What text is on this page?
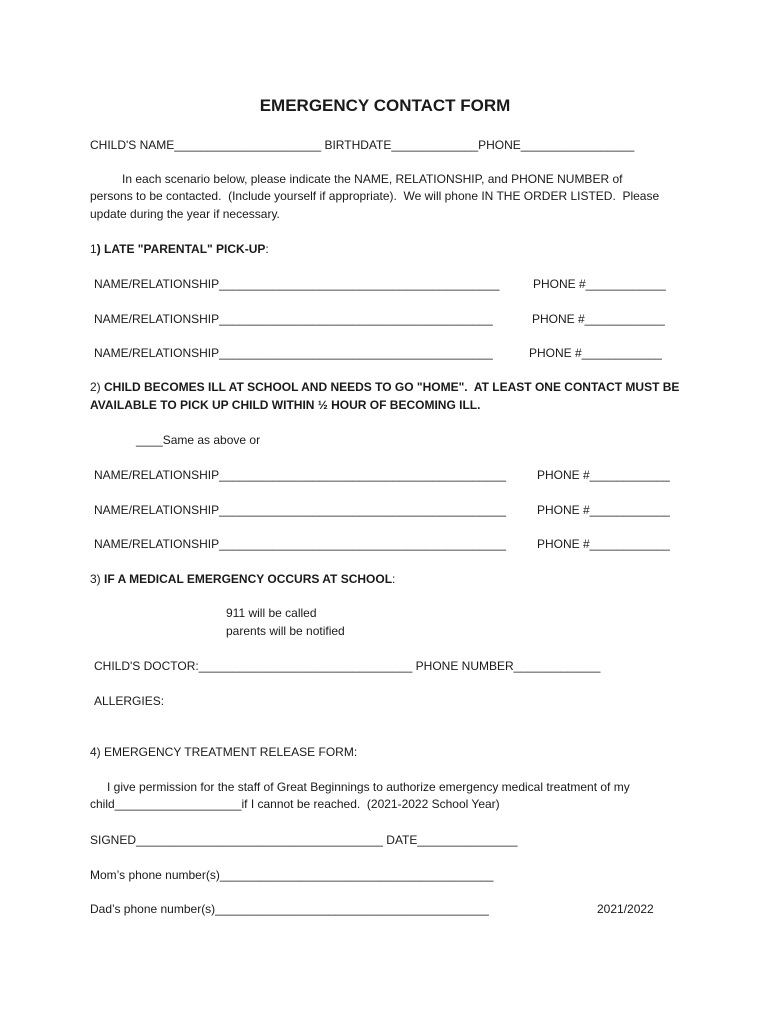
EMERGENCY CONTACT FORM
CHILD'S NAME______________________ BIRTHDATE_____________PHONE_________________
In each scenario below, please indicate the NAME, RELATIONSHIP, and PHONE NUMBER of
persons to be contacted.  (Include yourself if appropriate).  We will phone IN THE ORDER LISTED.  Please
update during the year if necessary.
1) LATE "PARENTAL" PICK-UP:
NAME/RELATIONSHIP__________________________________________	PHONE #____________
NAME/RELATIONSHIP_________________________________________	PHONE #____________
NAME/RELATIONSHIP_________________________________________	PHONE #____________
2) CHILD BECOMES ILL AT SCHOOL AND NEEDS TO GO "HOME".  AT LEAST ONE CONTACT MUST BE
AVAILABLE TO PICK UP CHILD WITHIN ½ HOUR OF BECOMING ILL.
____Same as above or
NAME/RELATIONSHIP___________________________________________	PHONE #____________
NAME/RELATIONSHIP___________________________________________	PHONE #____________
NAME/RELATIONSHIP___________________________________________	PHONE #____________
3) IF A MEDICAL EMERGENCY OCCURS AT SCHOOL:
911 will be called
parents will be notified
CHILD'S DOCTOR:________________________________ PHONE NUMBER_____________
ALLERGIES:
4) EMERGENCY TREATMENT RELEASE FORM:
I give permission for the staff of Great Beginnings to authorize emergency medical treatment of my
child___________________if I cannot be reached.  (2021-2022 School Year)
SIGNED_____________________________________ DATE_______________
Mom’s phone number(s)_________________________________________
Dad’s phone number(s)_________________________________________	2021/2022
